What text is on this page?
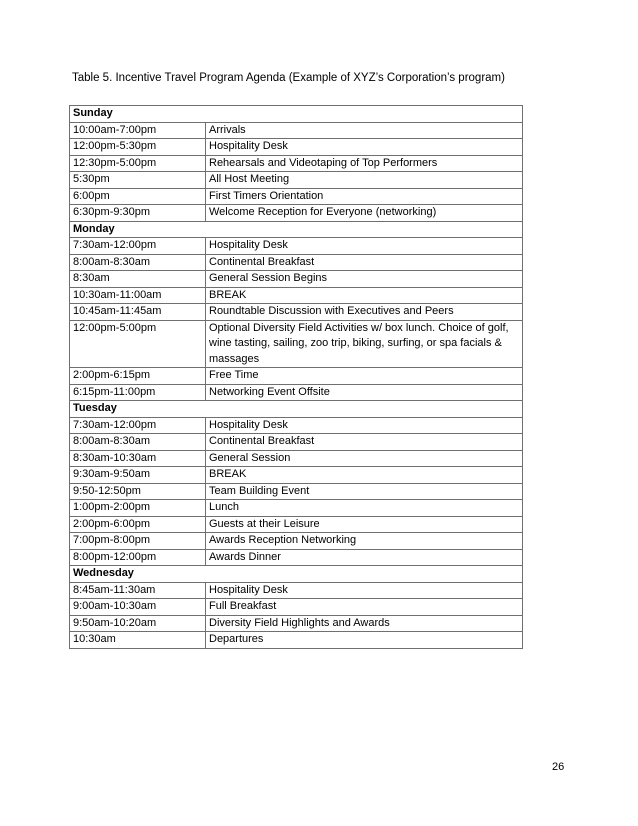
Table 5. Incentive Travel Program Agenda (Example of XYZ’s Corporation’s program)
Sunday	
10:00am-7:00pm	Arrivals
12:00pm-5:30pm	Hospitality Desk
12:30pm-5:00pm	Rehearsals and Videotaping of Top Performers
5:30pm	All Host Meeting
6:00pm	First Timers Orientation
6:30pm-9:30pm	Welcome Reception for Everyone (networking)
Monday	
7:30am-12:00pm	Hospitality Desk
8:00am-8:30am	Continental Breakfast
8:30am	General Session Begins
10:30am-11:00am	BREAK
10:45am-11:45am	Roundtable Discussion with Executives and Peers
12:00pm-5:00pm	Optional Diversity Field Activities w/ box lunch. Choice of golf, wine tasting, sailing, zoo trip, biking, surfing, or spa facials & massages
2:00pm-6:15pm	Free Time
6:15pm-11:00pm	Networking Event Offsite
Tuesday	
7:30am-12:00pm	Hospitality Desk
8:00am-8:30am	Continental Breakfast
8:30am-10:30am	General Session
9:30am-9:50am	BREAK
9:50-12:50pm	Team Building Event
1:00pm-2:00pm	Lunch
2:00pm-6:00pm	Guests at their Leisure
7:00pm-8:00pm	Awards Reception Networking
8:00pm-12:00pm	Awards Dinner
Wednesday	
8:45am-11:30am	Hospitality Desk
9:00am-10:30am	Full Breakfast
9:50am-10:20am	Diversity Field Highlights and Awards
10:30am	Departures
26
